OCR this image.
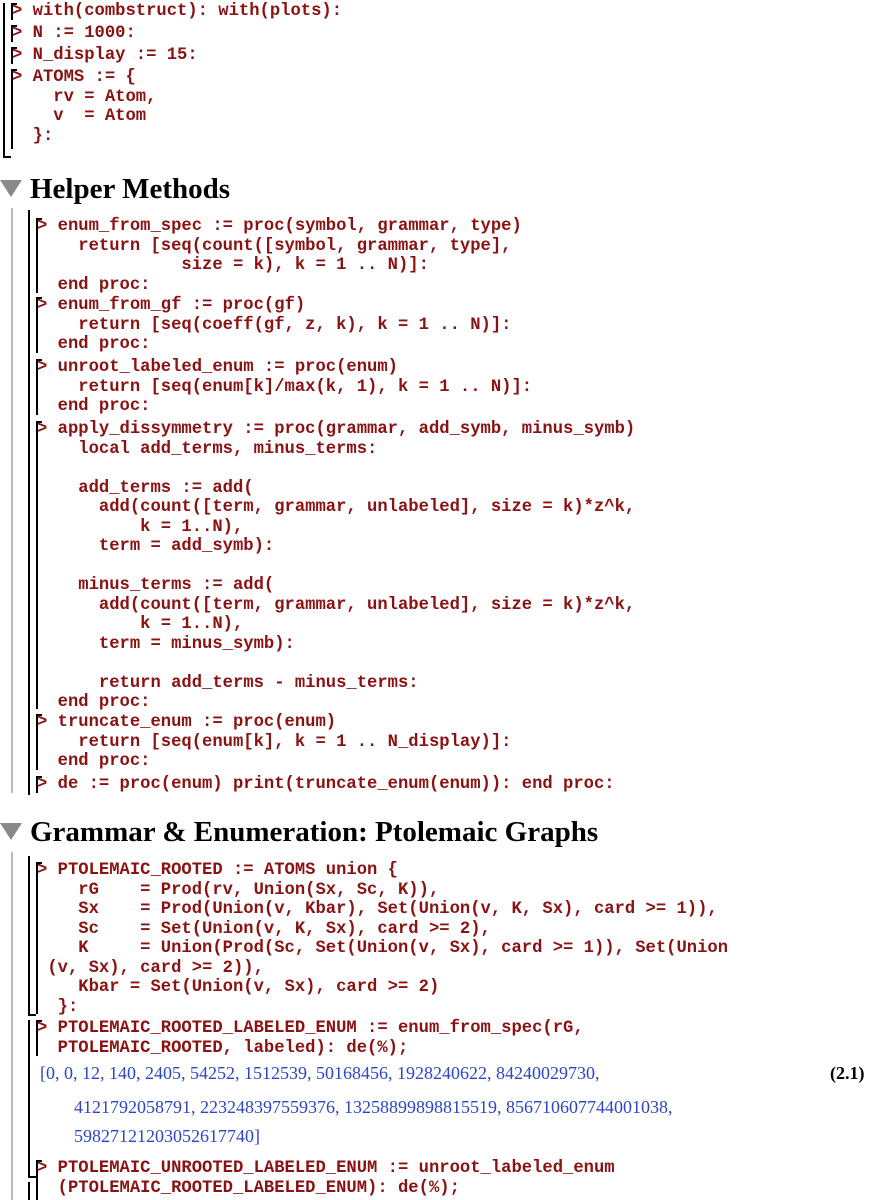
> with(combstruct): with(plots):
> N := 1000:
> N_display := 15:
> ATOMS := {
rv = Atom,
v  = Atom
}:
Helper Methods
> enum_from_spec := proc(symbol, grammar, type)
return [seq(count([symbol, grammar, type],
size = k), k = 1 .. N)]:
end proc:
> enum_from_gf := proc(gf)
return [seq(coeff(gf, z, k), k = 1 .. N)]:
end proc:
> unroot_labeled_enum := proc(enum)
return [seq(enum[k]/max(k, 1), k = 1 .. N)]:
end proc:
> apply_dissymmetry := proc(grammar, add_symb, minus_symb)
local add_terms, minus_terms:

add_terms := add(
add(count([term, grammar, unlabeled], size = k)*z^k,
k = 1..N),
term = add_symb):

minus_terms := add(
add(count([term, grammar, unlabeled], size = k)*z^k,
k = 1..N),
term = minus_symb):

return add_terms - minus_terms:
end proc:
> truncate_enum := proc(enum)
return [seq(enum[k], k = 1 .. N_display)]:
end proc:
> de := proc(enum) print(truncate_enum(enum)): end proc:
Grammar & Enumeration: Ptolemaic Graphs
> PTOLEMAIC_ROOTED := ATOMS union {
rG    = Prod(rv, Union(Sx, Sc, K)),
Sx    = Prod(Union(v, Kbar), Set(Union(v, K, Sx), card >= 1)),
Sc    = Set(Union(v, K, Sx), card >= 2),
K     = Union(Prod(Sc, Set(Union(v, Sx), card >= 1)), Set(Union
(v, Sx), card >= 2)),
Kbar = Set(Union(v, Sx), card >= 2)
}:
> PTOLEMAIC_ROOTED_LABELED_ENUM := enum_from_spec(rG,
PTOLEMAIC_ROOTED, labeled): de(%);
[0, 0, 12, 140, 2405, 54252, 1512539, 50168456, 1928240622, 84240029730,
4121792058791, 223248397559376, 13258899898815519, 856710607744001038,
59827121203052617740]
(2.1)
> PTOLEMAIC_UNROOTED_LABELED_ENUM := unroot_labeled_enum
(PTOLEMAIC_ROOTED_LABELED_ENUM): de(%);
